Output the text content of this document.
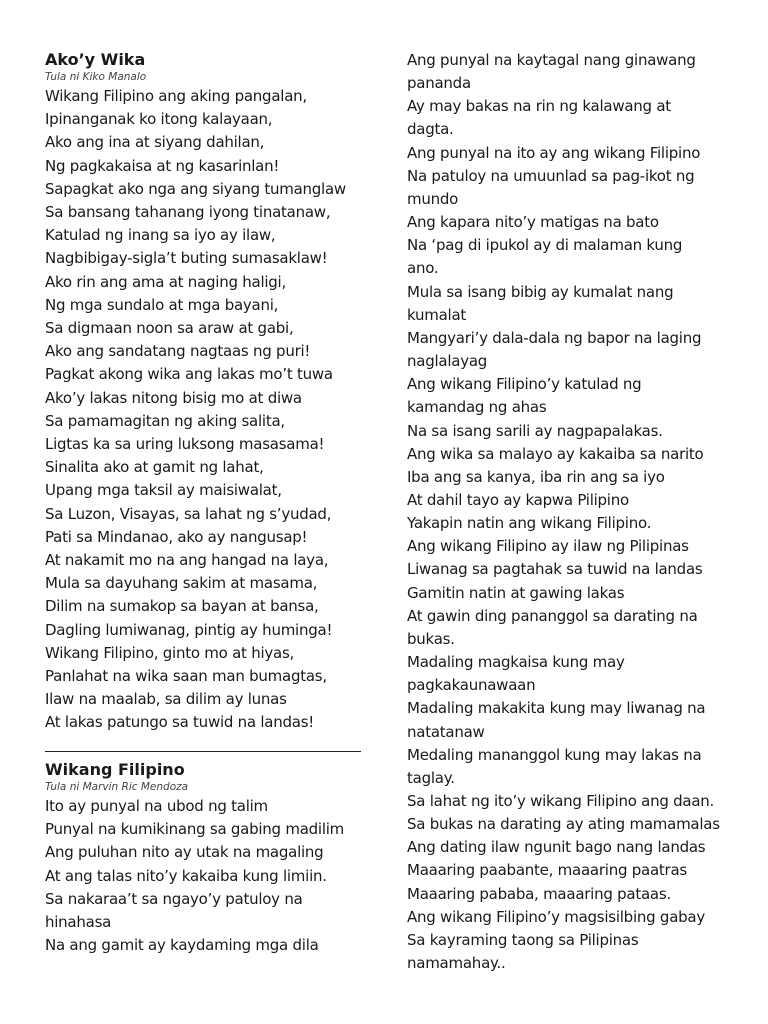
Ako’y Wika
Tula ni Kiko Manalo
Wikang Filipino ang aking pangalan,
Ipinanganak ko itong kalayaan,
Ako ang ina at siyang dahilan,
Ng pagkakaisa at ng kasarinlan!
Sapagkat ako nga ang siyang tumanglaw
Sa bansang tahanang iyong tinatanaw,
Katulad ng inang sa iyo ay ilaw,
Nagbibigay-sigla’t buting sumasaklaw!
Ako rin ang ama at naging haligi,
Ng mga sundalo at mga bayani,
Sa digmaan noon sa araw at gabi,
Ako ang sandatang nagtaas ng puri!
Pagkat akong wika ang lakas mo’t tuwa
Ako’y lakas nitong bisig mo at diwa
Sa pamamagitan ng aking salita,
Ligtas ka sa uring luksong masasama!
Sinalita ako at gamit ng lahat,
Upang mga taksil ay maisiwalat,
Sa Luzon, Visayas, sa lahat ng s’yudad,
Pati sa Mindanao, ako ay nangusap!
At nakamit mo na ang hangad na laya,
Mula sa dayuhang sakim at masama,
Dilim na sumakop sa bayan at bansa,
Dagling lumiwanag, pintig ay huminga!
Wikang Filipino, ginto mo at hiyas,
Panlahat na wika saan man bumagtas,
Ilaw na maalab, sa dilim ay lunas
At lakas patungo sa tuwid na landas!
Wikang Filipino
Tula ni Marvin Ric Mendoza
Ito ay punyal na ubod ng talim
Punyal na kumikinang sa gabing madilim
Ang puluhan nito ay utak na magaling
At ang talas nito’y kakaiba kung limiin.
Sa nakaraa’t sa ngayo’y patuloy na hinahasa
Na ang gamit ay kaydaming mga dila
Ang punyal na kaytagal nang ginawang pananda
Ay may bakas na rin ng kalawang at dagta.
Ang punyal na ito ay ang wikang Filipino
Na patuloy na umuunlad sa pag-ikot ng mundo
Ang kapara nito’y matigas na bato
Na ‘pag di ipukol ay di malaman kung ano.
Mula sa isang bibig ay kumalat nang kumalat
Mangyari’y dala-dala ng bapor na laging naglalayag
Ang wikang Filipino’y katulad ng kamandag ng ahas
Na sa isang sarili ay nagpapalakas.
Ang wika sa malayo ay kakaiba sa narito
Iba ang sa kanya, iba rin ang sa iyo
At dahil tayo ay kapwa Pilipino
Yakapin natin ang wikang Filipino.
Ang wikang Filipino ay ilaw ng Pilipinas
Liwanag sa pagtahak sa tuwid na landas
Gamitin natin at gawing lakas
At gawin ding pananggol sa darating na bukas.
Madaling magkaisa kung may pagkakaunawaan
Madaling makakita kung may liwanag na natatanaw
Medaling mananggol kung may lakas na taglay.
Sa lahat ng ito’y wikang Filipino ang daan.
Sa bukas na darating ay ating mamamalas
Ang dating ilaw ngunit bago nang landas
Maaaring paabante, maaaring paatras
Maaaring pababa, maaaring pataas.
Ang wikang Filipino’y magsisilbing gabay
Sa kayraming taong sa Pilipinas namamahay..
